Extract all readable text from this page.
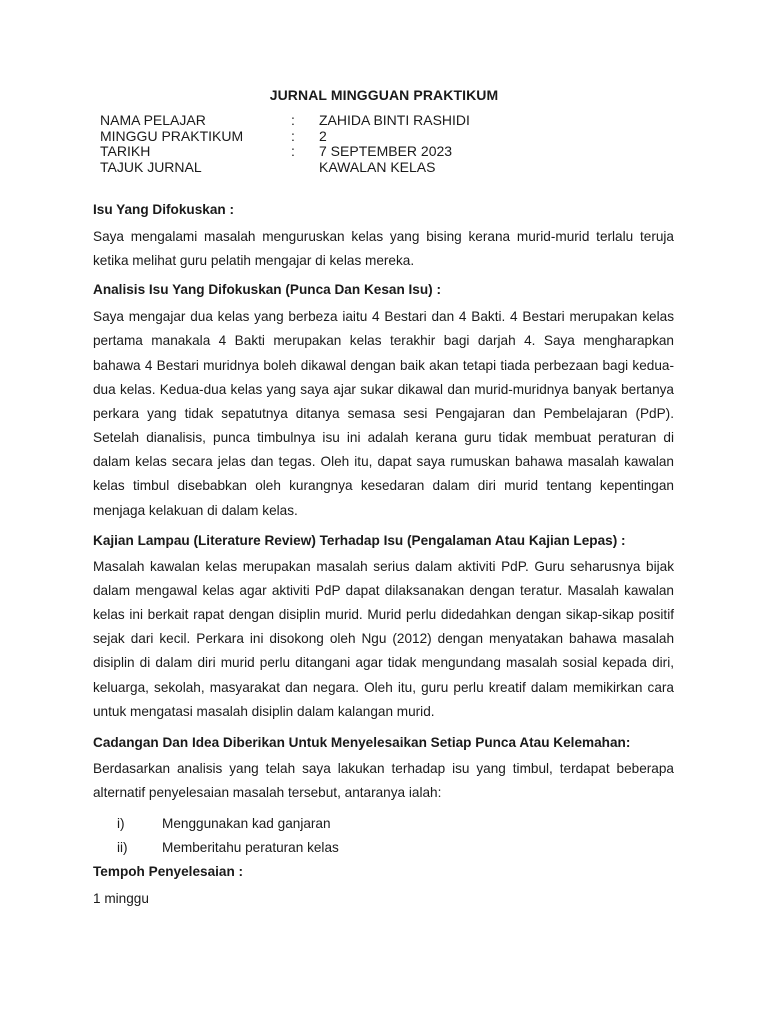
JURNAL MINGGUAN PRAKTIKUM
NAMA PELAJAR	: ZAHIDA BINTI RASHIDI
MINGGU PRAKTIKUM	: 2
TARIKH	: 7 SEPTEMBER 2023
TAJUK JURNAL	KAWALAN KELAS

Isu Yang Difokuskan :

Saya mengalami masalah menguruskan kelas yang bising kerana murid-murid terlalu teruja ketika melihat guru pelatih mengajar di kelas mereka.

Analisis Isu Yang Difokuskan (Punca Dan Kesan Isu) :

Saya mengajar dua kelas yang berbeza iaitu 4 Bestari dan 4 Bakti. 4 Bestari merupakan kelas pertama manakala 4 Bakti merupakan kelas terakhir bagi darjah 4. Saya mengharapkan bahawa 4 Bestari muridnya boleh dikawal dengan baik akan tetapi tiada perbezaan bagi kedua-dua kelas. Kedua-dua kelas yang saya ajar sukar dikawal dan murid-muridnya banyak bertanya perkara yang tidak sepatutnya ditanya semasa sesi Pengajaran dan Pembelajaran (PdP). Setelah dianalisis, punca timbulnya isu ini adalah kerana guru tidak membuat peraturan di dalam kelas secara jelas dan tegas. Oleh itu, dapat saya rumuskan bahawa masalah kawalan kelas timbul disebabkan oleh kurangnya kesedaran dalam diri murid tentang kepentingan menjaga kelakuan di dalam kelas.

Kajian Lampau (Literature Review) Terhadap Isu (Pengalaman Atau Kajian Lepas) :

Masalah kawalan kelas merupakan masalah serius dalam aktiviti PdP. Guru seharusnya bijak dalam mengawal kelas agar aktiviti PdP dapat dilaksanakan dengan teratur. Masalah kawalan kelas ini berkait rapat dengan disiplin murid. Murid perlu didedahkan dengan sikap-sikap positif sejak dari kecil. Perkara ini disokong oleh Ngu (2012) dengan menyatakan bahawa masalah disiplin di dalam diri murid perlu ditangani agar tidak mengundang masalah sosial kepada diri, keluarga, sekolah, masyarakat dan negara. Oleh itu, guru perlu kreatif dalam memikirkan cara untuk mengatasi masalah disiplin dalam kalangan murid.

Cadangan Dan Idea Diberikan Untuk Menyelesaikan Setiap Punca Atau Kelemahan:

Berdasarkan analisis yang telah saya lakukan terhadap isu yang timbul, terdapat beberapa alternatif penyelesaian masalah tersebut, antaranya ialah:

i)	Menggunakan kad ganjaran
ii)	Memberitahu peraturan kelas

Tempoh Penyelesaian :

1 minggu
